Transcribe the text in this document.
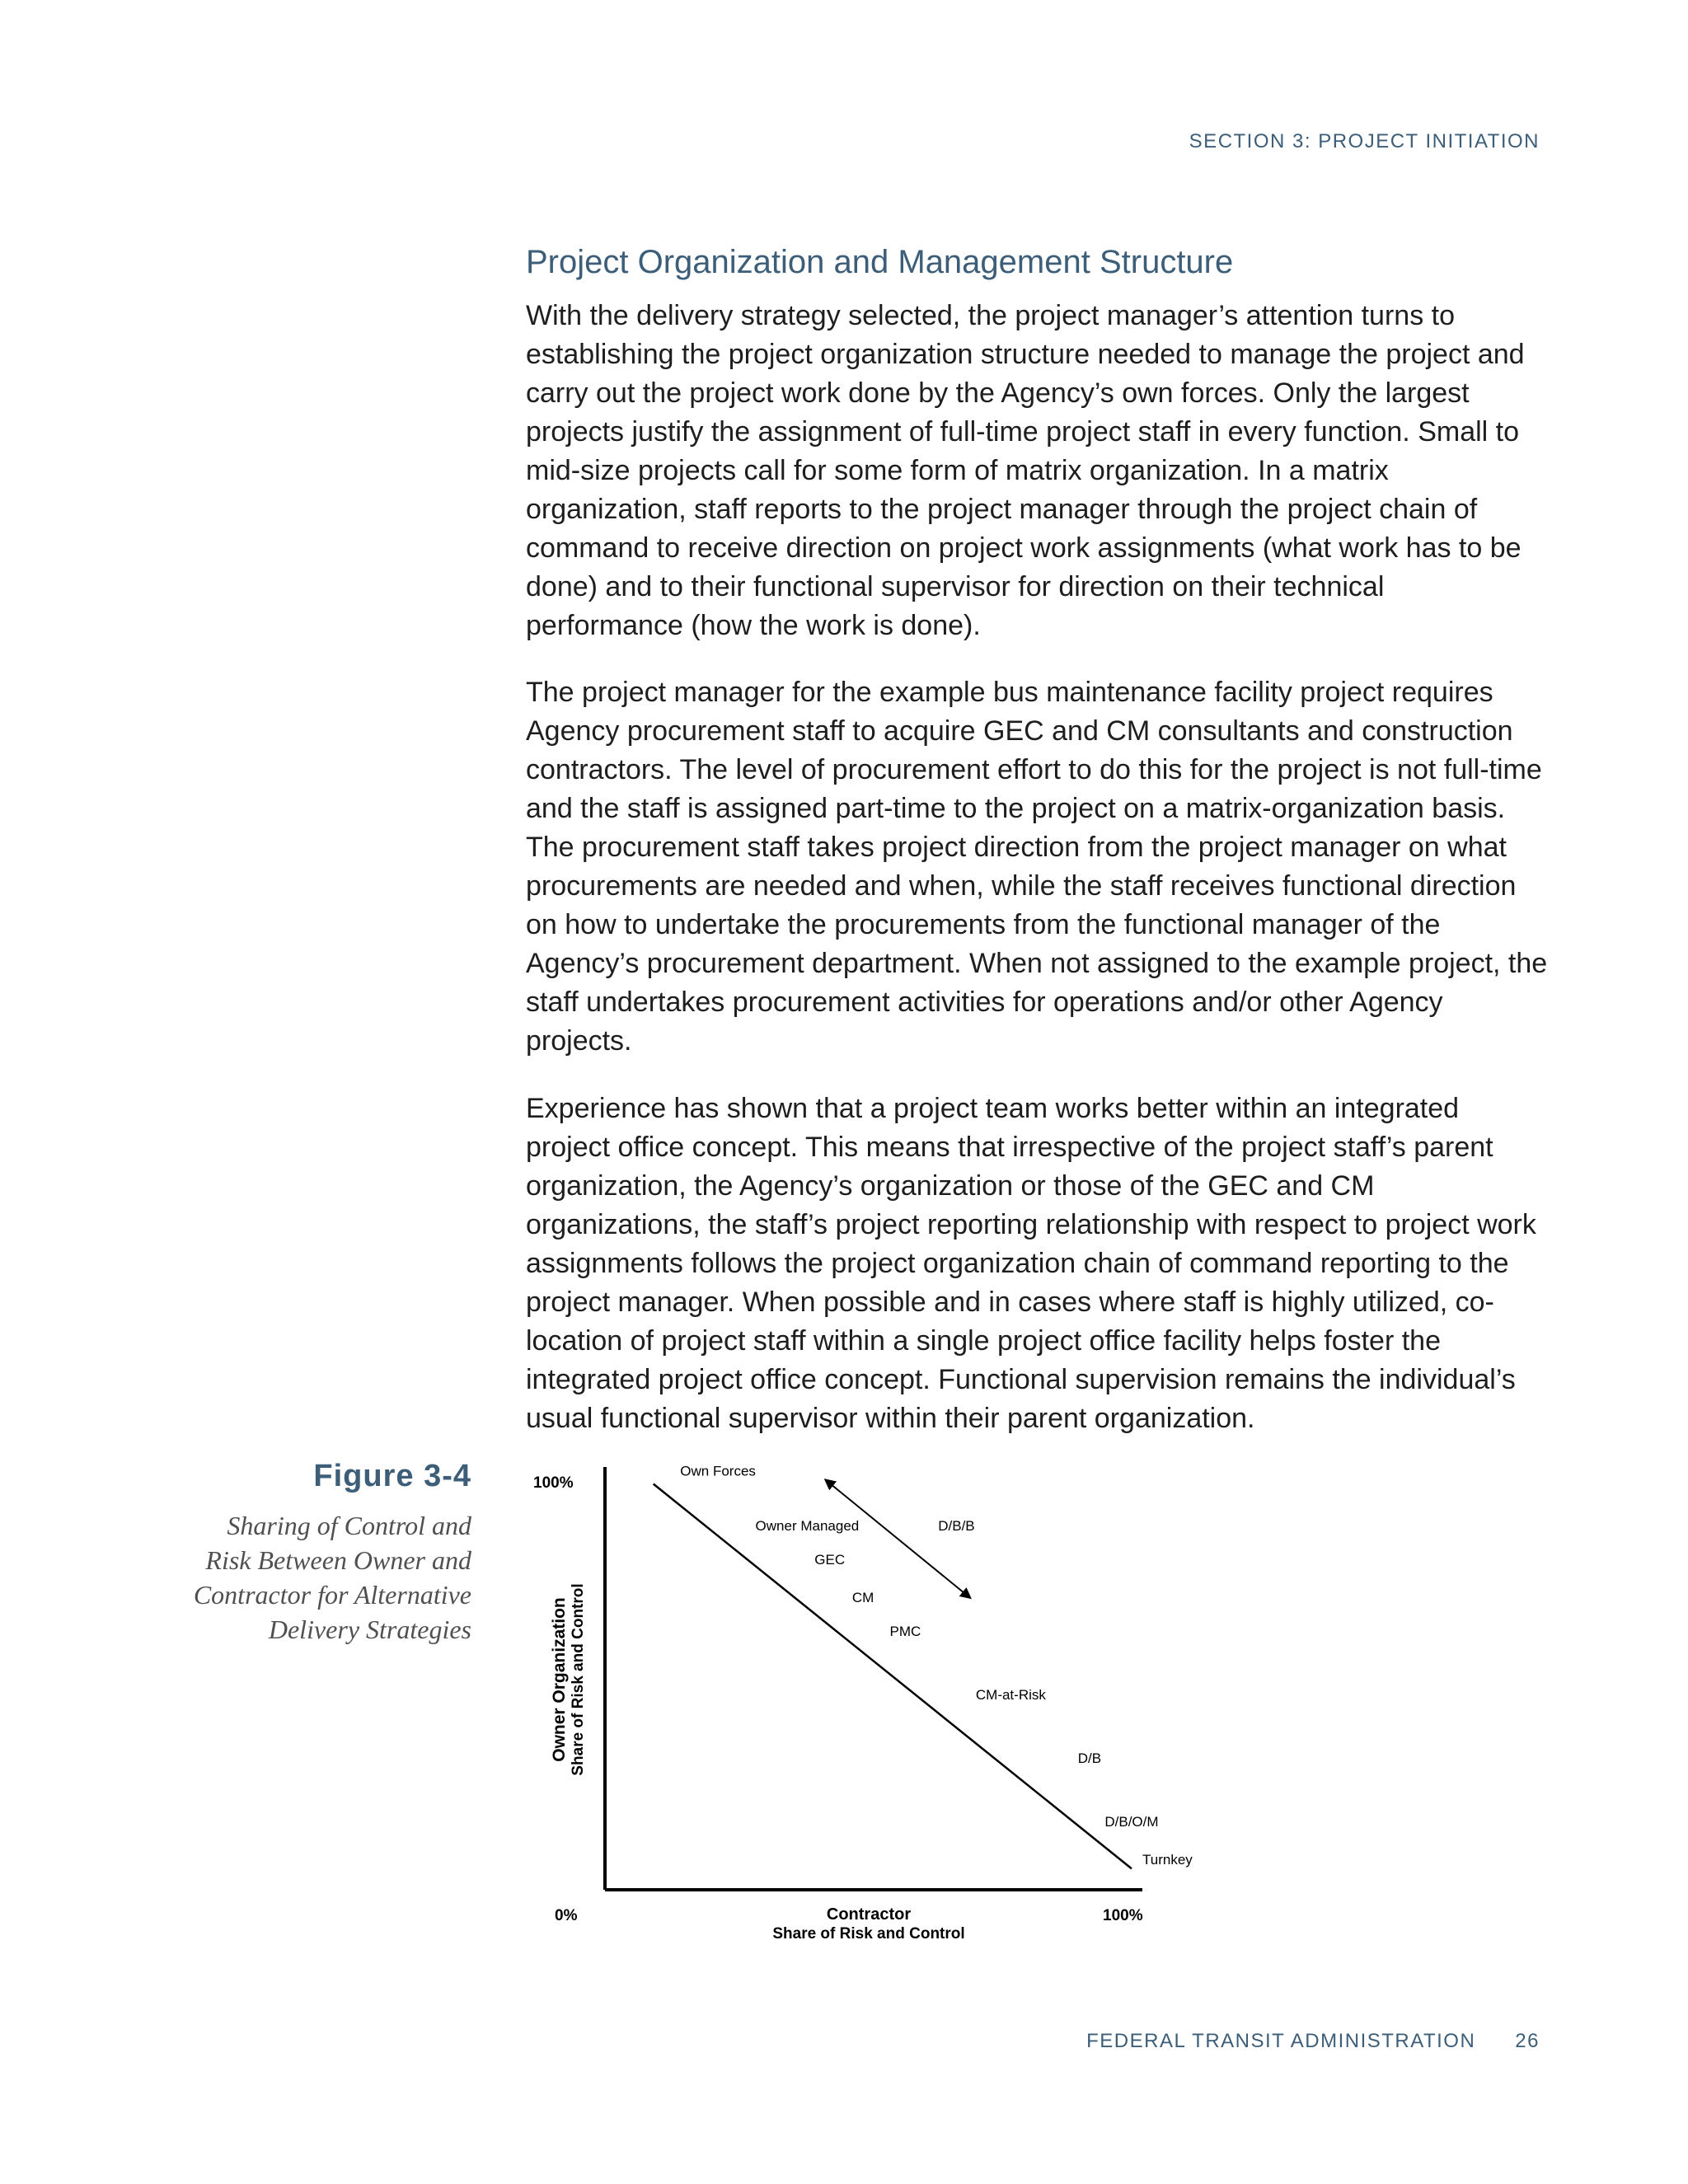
SECTION 3: PROJECT INITIATION
Project Organization and Management Structure

With the delivery strategy selected, the project manager’s attention turns to establishing the project organization structure needed to manage the project and carry out the project work done by the Agency’s own forces. Only the largest projects justify the assignment of full-time project staff in every function. Small to mid-size projects call for some form of matrix organization. In a matrix organization, staff reports to the project manager through the project chain of command to receive direction on project work assignments (what work has to be done) and to their functional supervisor for direction on their technical performance (how the work is done).

The project manager for the example bus maintenance facility project requires Agency procurement staff to acquire GEC and CM consultants and construction contractors. The level of procurement effort to do this for the project is not full-time and the staff is assigned part-time to the project on a matrix-organization basis. The procurement staff takes project direction from the project manager on what procurements are needed and when, while the staff receives functional direction on how to undertake the procurements from the functional manager of the Agency’s procurement department. When not assigned to the example project, the staff undertakes procurement activities for operations and/or other Agency projects.

Experience has shown that a project team works better within an integrated project office concept. This means that irrespective of the project staff’s parent organization, the Agency’s organization or those of the GEC and CM organizations, the staff’s project reporting relationship with respect to project work assignments follows the project organization chain of command reporting to the project manager. When possible and in cases where staff is highly utilized, co-location of project staff within a single project office facility helps foster the integrated project office concept. Functional supervision remains the individual’s usual functional supervisor within their parent organization.

Figure 3-4

Sharing of Control and Risk Between Owner and Contractor for Alternative Delivery Strategies

100%
0%	100%
Owner Organization Share of Risk and Control
Contractor
Share of Risk and Control
Own Forces
Owner Managed	D/B/B
GEC
CM
PMC
CM-at-Risk
D/B
D/B/O/M
Turnkey
FEDERAL TRANSIT ADMINISTRATION 26
